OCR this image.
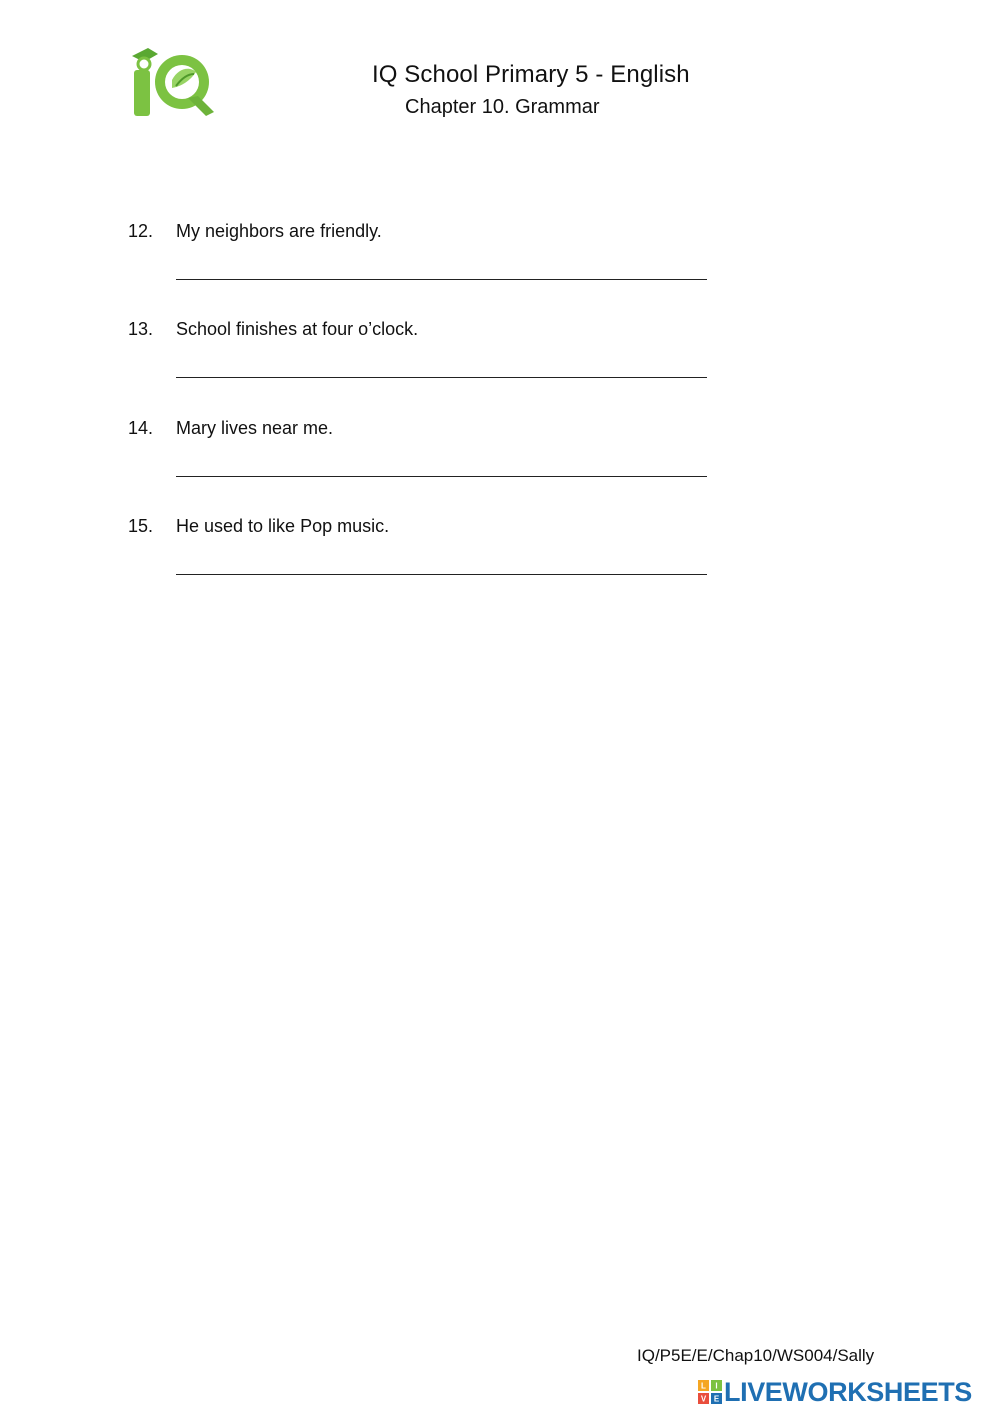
IQ School Primary 5 - English
Chapter 10. Grammar
12. My neighbors are friendly.
13. School finishes at four o’clock.
14. Mary lives near me.
15. He used to like Pop music.
IQ/P5E/E/Chap10/WS004/Sally
L I
V E LIVEWORKSHEETS
